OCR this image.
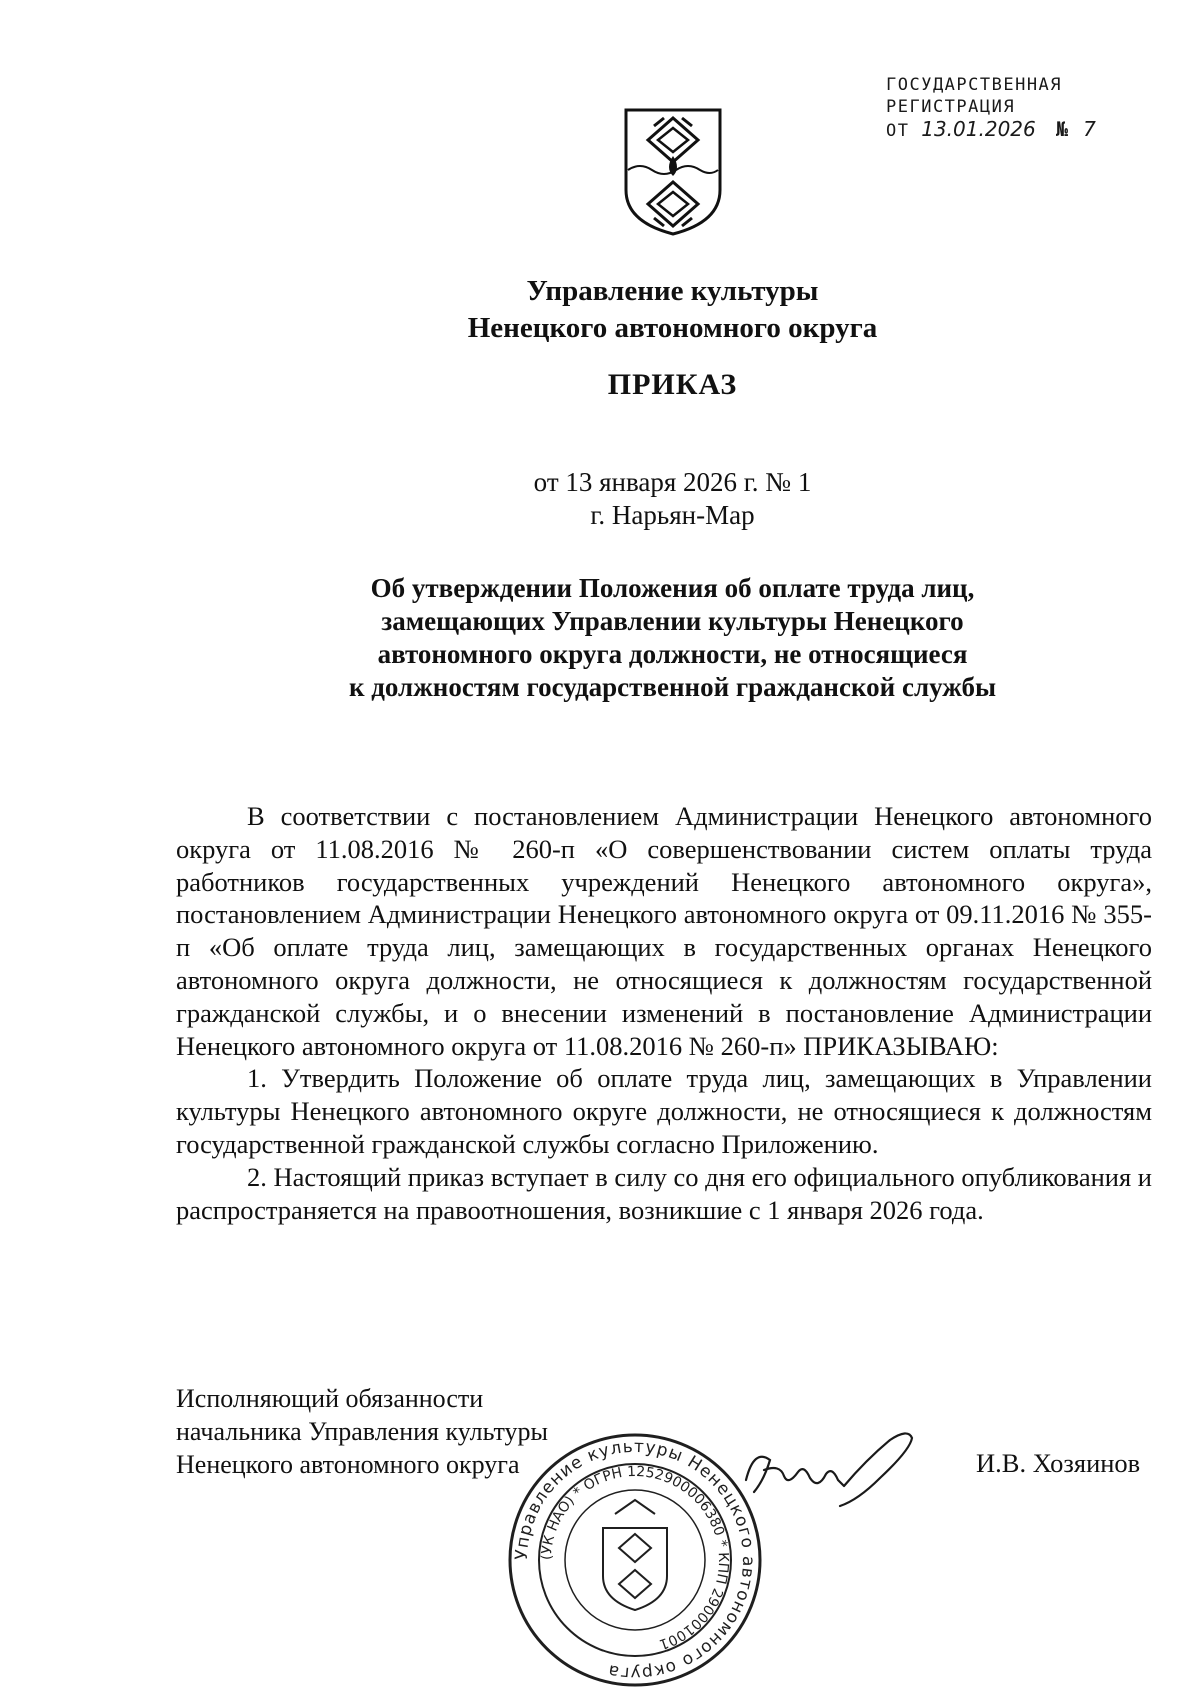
ГОСУДАРСТВЕННАЯ
РЕГИСТРАЦИЯ
ОТ 13.01.2026	№ 7
Управление культуры
Ненецкого автономного округа
ПРИКАЗ
от 13 января 2026 г. № 1
г. Нарьян-Мар
Об утверждении Положения об оплате труда лиц,
замещающих Управлении культуры Ненецкого
автономного округа должности, не относящиеся
к должностям государственной гражданской службы

В соответствии с постановлением Администрации Ненецкого автономного округа от 11.08.2016 № 260-п «О совершенствовании систем оплаты труда работников государственных учреждений Ненецкого автономного округа», постановлением Администрации Ненецкого автономного округа от 09.11.2016 № 355-п «Об оплате труда лиц, замещающих в государственных органах Ненецкого автономного округа должности, не относящиеся к должностям государственной гражданской службы, и о внесении изменений в постановление Администрации Ненецкого автономного округа от 11.08.2016 № 260-п» ПРИКАЗЫВАЮ:

1. Утвердить Положение об оплате труда лиц, замещающих в Управлении культуры Ненецкого автономного округе должности, не относящиеся к должностям государственной гражданской службы согласно Приложению.

2. Настоящий приказ вступает в силу со дня его официального опубликования и распространяется на правоотношения, возникшие с 1 января 2026 года.

Исполняющий обязанности
начальника Управления культуры
Ненецкого автономного округа
Управление культуры Ненецкого автономного округа
(УК НАО) * ОГРН 1252900006380 * КПП 290001001
И.В. Хозяинов
